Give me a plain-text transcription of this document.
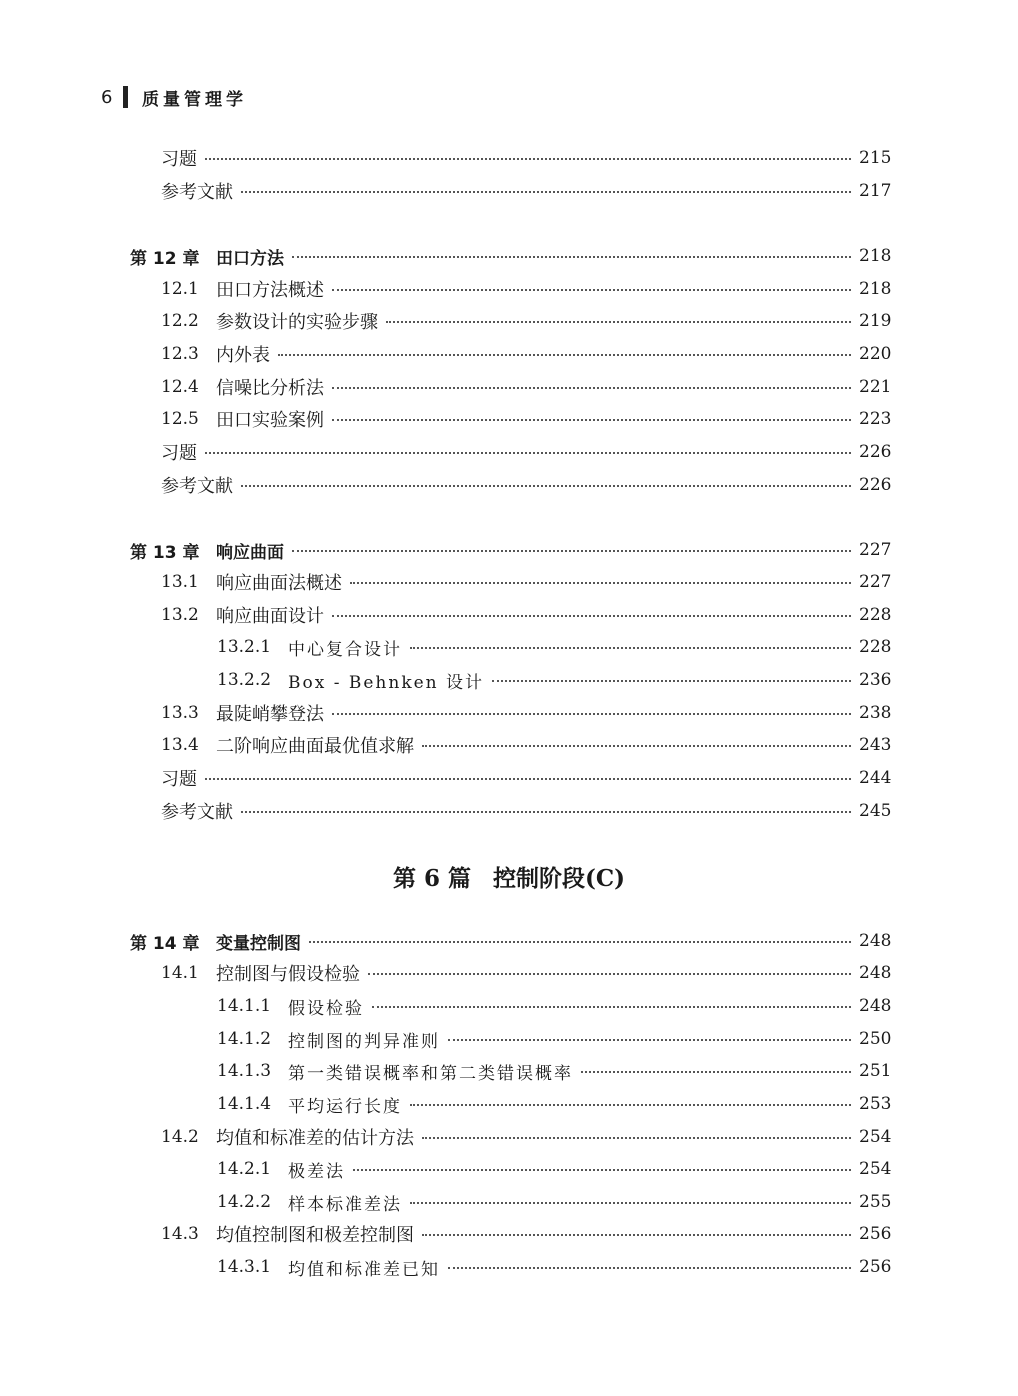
6	质量管理学
习题	215
参考文献	217
第 12 章 田口方法	218
12.1 田口方法概述	218
12.2 参数设计的实验步骤	219
12.3 内外表	220
12.4 信噪比分析法	221
12.5 田口实验案例	223
习题	226
参考文献	226
第 13 章 响应曲面	227
13.1 响应曲面法概述	227
13.2 响应曲面设计	228
13.2.1 中心复合设计	228
13.2.2 Box - Behnken 设计	236
13.3 最陡峭攀登法	238
13.4 二阶响应曲面最优值求解	243
习题	244
参考文献	245
第 14 章 变量控制图	248
14.1 控制图与假设检验	248
14.1.1 假设检验	248
14.1.2 控制图的判异准则	250
14.1.3 第一类错误概率和第二类错误概率	251
14.1.4 平均运行长度	253
14.2 均值和标准差的估计方法	254
14.2.1 极差法	254
14.2.2 样本标准差法	255
14.3 均值控制图和极差控制图	256
14.3.1 均值和标准差已知	256
第 6 篇 控制阶段(C)
